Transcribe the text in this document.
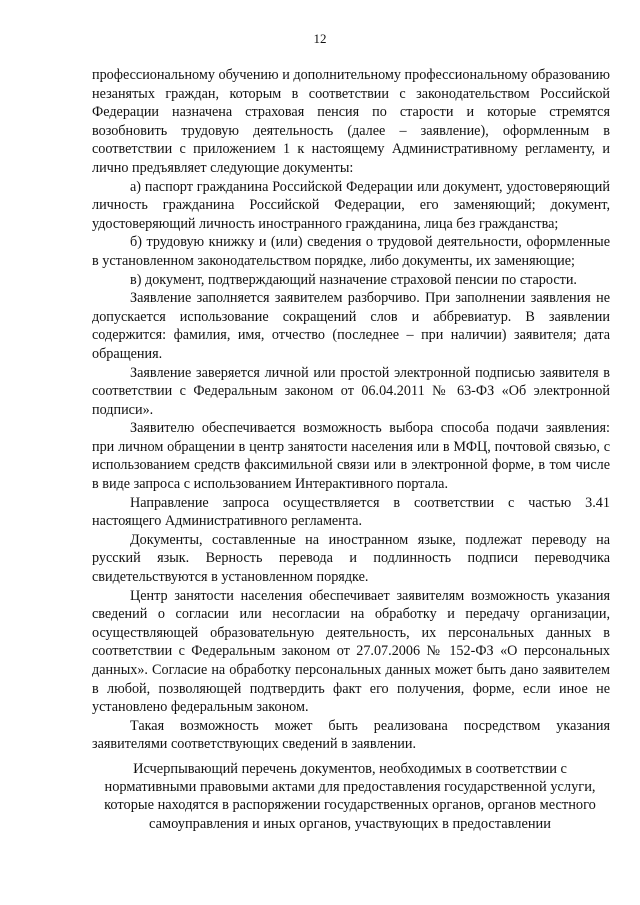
12

профессиональному обучению и дополнительному профессиональному образованию незанятых граждан, которым в соответствии с законодательством Российской Федерации назначена страховая пенсия по старости и которые стремятся возобновить трудовую деятельность (далее – заявление), оформленным в соответствии с приложением 1 к настоящему Административному регламенту, и лично предъявляет следующие документы:

а) паспорт гражданина Российской Федерации или документ, удостоверяющий личность гражданина Российской Федерации, его заменяющий; документ, удостоверяющий личность иностранного гражданина, лица без гражданства;

б) трудовую книжку и (или) сведения о трудовой деятельности, оформленные в установленном законодательством порядке, либо документы, их заменяющие;

в) документ, подтверждающий назначение страховой пенсии по старости.

Заявление заполняется заявителем разборчиво. При заполнении заявления не допускается использование сокращений слов и аббревиатур. В заявлении содержится: фамилия, имя, отчество (последнее – при наличии) заявителя; дата обращения.

Заявление заверяется личной или простой электронной подписью заявителя в соответствии с Федеральным законом от 06.04.2011 № 63-ФЗ «Об электронной подписи».

Заявителю обеспечивается возможность выбора способа подачи заявления: при личном обращении в центр занятости населения или в МФЦ, почтовой связью, с использованием средств факсимильной связи или в электронной форме, в том числе в виде запроса с использованием Интерактивного портала.

Направление запроса осуществляется в соответствии с частью 3.41 настоящего Административного регламента.

Документы, составленные на иностранном языке, подлежат переводу на русский язык. Верность перевода и подлинность подписи переводчика свидетельствуются в установленном порядке.

Центр занятости населения обеспечивает заявителям возможность указания сведений о согласии или несогласии на обработку и передачу организации, осуществляющей образовательную деятельность, их персональных данных в соответствии с Федеральным законом от 27.07.2006 № 152-ФЗ «О персональных данных». Согласие на обработку персональных данных может быть дано заявителем в любой, позволяющей подтвердить факт его получения, форме, если иное не установлено федеральным законом.

Такая возможность может быть реализована посредством указания заявителями соответствующих сведений в заявлении.

Исчерпывающий перечень документов, необходимых в соответствии с
нормативными правовыми актами для предоставления государственной услуги,
которые находятся в распоряжении государственных органов, органов местного
самоуправления и иных органов, участвующих в предоставлении
